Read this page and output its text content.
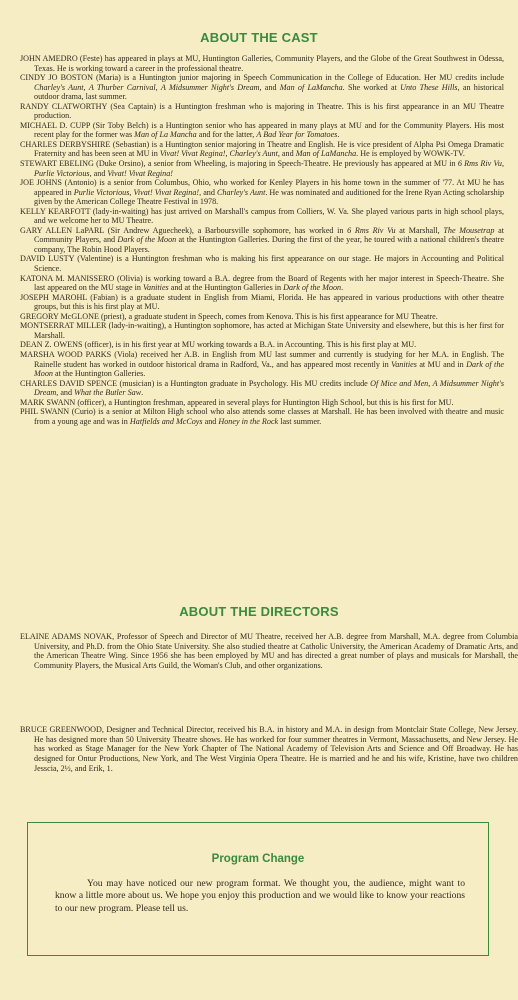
ABOUT THE CAST
JOHN AMEDRO (Feste) has appeared in plays at MU, Huntington Galleries, Community Players, and the Globe of the Great Southwest in Odessa, Texas. He is working toward a career in the professional theatre.
CINDY JO BOSTON (Maria) is a Huntington junior majoring in Speech Communication in the College of Education. Her MU credits include Charley's Aunt, A Thurber Carnival, A Midsummer Night's Dream, and Man of LaMancha. She worked at Unto These Hills, an historical outdoor drama, last summer.
RANDY CLATWORTHY (Sea Captain) is a Huntington freshman who is majoring in Theatre. This is his first appearance in an MU Theatre production.
MICHAEL D. CUPP (Sir Toby Belch) is a Huntington senior who has appeared in many plays at MU and for the Community Players. His most recent play for the former was Man of La Mancha and for the latter, A Bad Year for Tomatoes.
CHARLES DERBYSHIRE (Sebastian) is a Huntington senior majoring in Theatre and English. He is vice president of Alpha Psi Omega Dramatic Fraternity and has been seen at MU in Vivat! Vivat Regina!, Charley's Aunt, and Man of LaMancha. He is employed by WOWK-TV.
STEWART EBELING (Duke Orsino), a senior from Wheeling, is majoring in Speech-Theatre. He previously has appeared at MU in 6 Rms Riv Vu, Purlie Victorious, and Vivat! Vivat Regina!
JOE JOHNS (Antonio) is a senior from Columbus, Ohio, who worked for Kenley Players in his home town in the summer of '77. At MU he has appeared in Purlie Victorious, Vivat! Vivat Regina!, and Charley's Aunt. He was nominated and auditioned for the Irene Ryan Acting scholarship given by the American College Theatre Festival in 1978.
KELLY KEARFOTT (lady-in-waiting) has just arrived on Marshall's campus from Colliers, W. Va. She played various parts in high school plays, and we welcome her to MU Theatre.
GARY ALLEN LaPARL (Sir Andrew Aguecheek), a Barboursville sophomore, has worked in 6 Rms Riv Vu at Marshall, The Mousetrap at Community Players, and Dark of the Moon at the Huntington Galleries. During the first of the year, he toured with a national children's theatre company, The Robin Hood Players.
DAVID LUSTY (Valentine) is a Huntington freshman who is making his first appearance on our stage. He majors in Accounting and Political Science.
KATONA M. MANISSERO (Olivia) is working toward a B.A. degree from the Board of Regents with her major interest in Speech-Theatre. She last appeared on the MU stage in Vanities and at the Huntington Galleries in Dark of the Moon.
JOSEPH MAROHL (Fabian) is a graduate student in English from Miami, Florida. He has appeared in various productions with other theatre groups, but this is his first play at MU.
GREGORY McGLONE (priest), a graduate student in Speech, comes from Kenova. This is his first appearance for MU Theatre.
MONTSERRAT MILLER (lady-in-waiting), a Huntington sophomore, has acted at Michigan State University and elsewhere, but this is her first for Marshall.
DEAN Z. OWENS (officer), is in his first year at MU working towards a B.A. in Accounting. This is his first play at MU.
MARSHA WOOD PARKS (Viola) received her A.B. in English from MU last summer and currently is studying for her M.A. in English. The Rainelle student has worked in outdoor historical drama in Radford, Va., and has appeared most recently in Vanities at MU and in Dark of the Moon at the Huntington Galleries.
CHARLES DAVID SPENCE (musician) is a Huntington graduate in Psychology. His MU credits include Of Mice and Men, A Midsummer Night's Dream, and What the Butler Saw.
MARK SWANN (officer), a Huntington freshman, appeared in several plays for Huntington High School, but this is his first for MU.
PHIL SWANN (Curio) is a senior at Milton High school who also attends some classes at Marshall. He has been involved with theatre and music from a young age and was in Hatfields and McCoys and Honey in the Rock last summer.
ABOUT THE DIRECTORS

ELAINE ADAMS NOVAK, Professor of Speech and Director of MU Theatre, received her A.B. degree from Marshall, M.A. degree from Columbia University, and Ph.D. from the Ohio State University. She also studied theatre at Catholic University, the American Academy of Dramatic Arts, and the American Theatre Wing. Since 1956 she has been employed by MU and has directed a great number of plays and musicals for Marshall, the Community Players, the Musical Arts Guild, the Woman's Club, and other organizations.

BRUCE GREENWOOD, Designer and Technical Director, received his B.A. in history and M.A. in design from Montclair State College, New Jersey. He has designed more than 50 University Theatre shows. He has worked for four summer theatres in Vermont, Massachusetts, and New Jersey. He has worked as Stage Manager for the New York Chapter of The National Academy of Television Arts and Science and Off Broadway. He has designed for Ontur Productions, New York, and The West Virginia Opera Theatre. He is married and he and his wife, Kristine, have two children Jesscia, 2½, and Erik, 1.

Program Change

You may have noticed our new program format. We thought you, the audience, might want to know a little more about us. We hope you enjoy this production and we would like to know your reactions to our new program. Please tell us.
